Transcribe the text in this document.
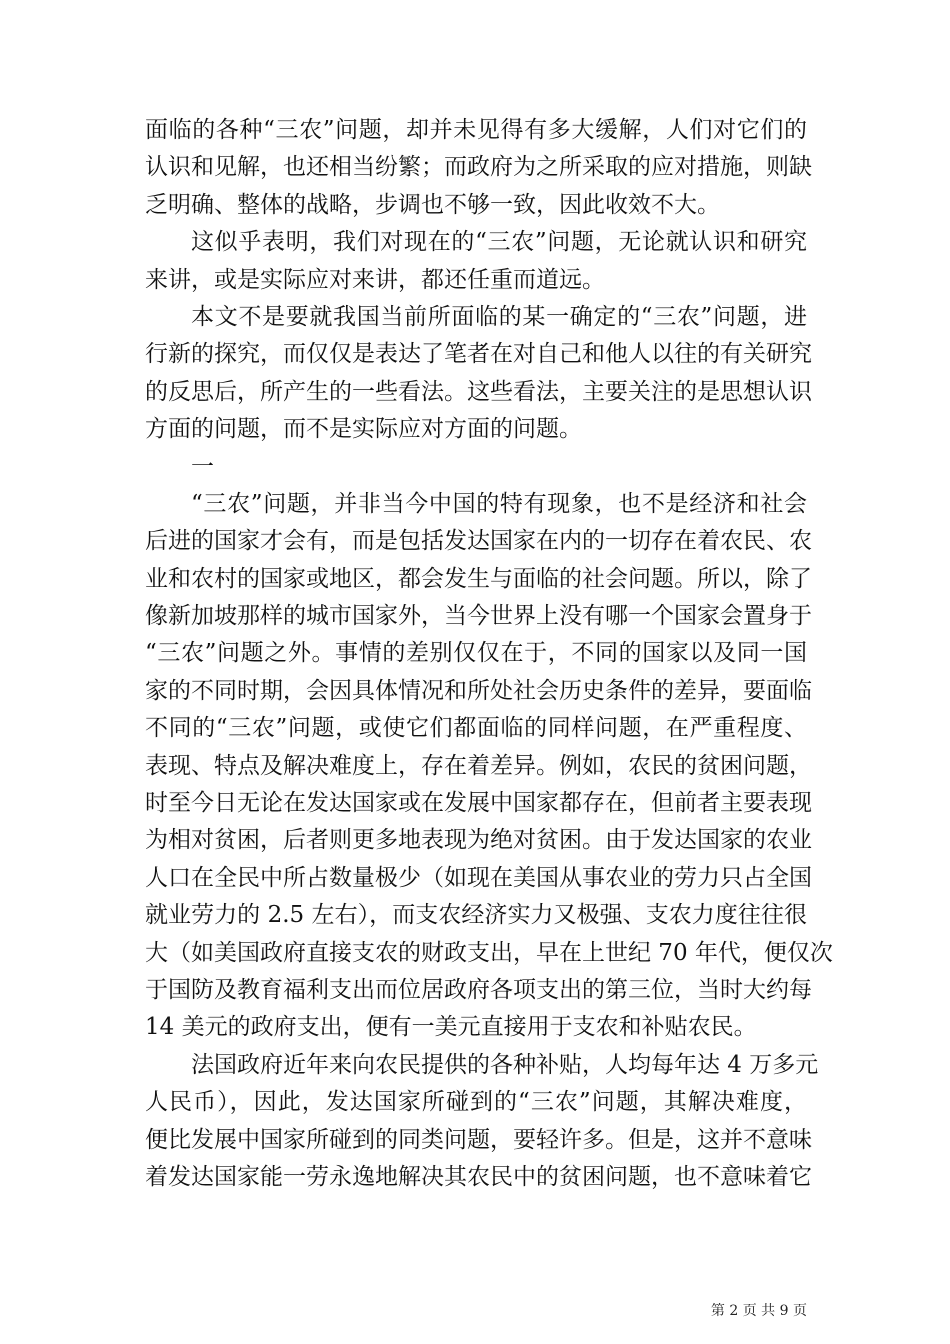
面临的各种“三农”问题，却并未见得有多大缓解，人们对它们的
认识和见解，也还相当纷繁；而政府为之所采取的应对措施，则缺
乏明确、整体的战略，步调也不够一致，因此收效不大。
这似乎表明，我们对现在的“三农”问题，无论就认识和研究
来讲，或是实际应对来讲，都还任重而道远。
本文不是要就我国当前所面临的某一确定的“三农”问题，进
行新的探究，而仅仅是表达了笔者在对自己和他人以往的有关研究
的反思后，所产生的一些看法。这些看法，主要关注的是思想认识
方面的问题，而不是实际应对方面的问题。
一
“三农”问题，并非当今中国的特有现象，也不是经济和社会
后进的国家才会有，而是包括发达国家在内的一切存在着农民、农
业和农村的国家或地区，都会发生与面临的社会问题。所以，除了
像新加坡那样的城市国家外，当今世界上没有哪一个国家会置身于
“三农”问题之外。事情的差别仅仅在于，不同的国家以及同一国
家的不同时期，会因具体情况和所处社会历史条件的差异，要面临
不同的“三农”问题，或使它们都面临的同样问题，在严重程度、
表现、特点及解决难度上，存在着差异。例如，农民的贫困问题，
时至今日无论在发达国家或在发展中国家都存在，但前者主要表现
为相对贫困，后者则更多地表现为绝对贫困。由于发达国家的农业
人口在全民中所占数量极少（如现在美国从事农业的劳力只占全国
就业劳力的 2.5 左右），而支农经济实力又极强、支农力度往往很
大（如美国政府直接支农的财政支出，早在上世纪 70 年代，便仅次
于国防及教育福利支出而位居政府各项支出的第三位，当时大约每
14 美元的政府支出，便有一美元直接用于支农和补贴农民。
法国政府近年来向农民提供的各种补贴，人均每年达 4 万多元
人民币），因此，发达国家所碰到的“三农”问题，其解决难度，
便比发展中国家所碰到的同类问题，要轻许多。但是，这并不意味
着发达国家能一劳永逸地解决其农民中的贫困问题，也不意味着它
第 2 页 共 9 页
